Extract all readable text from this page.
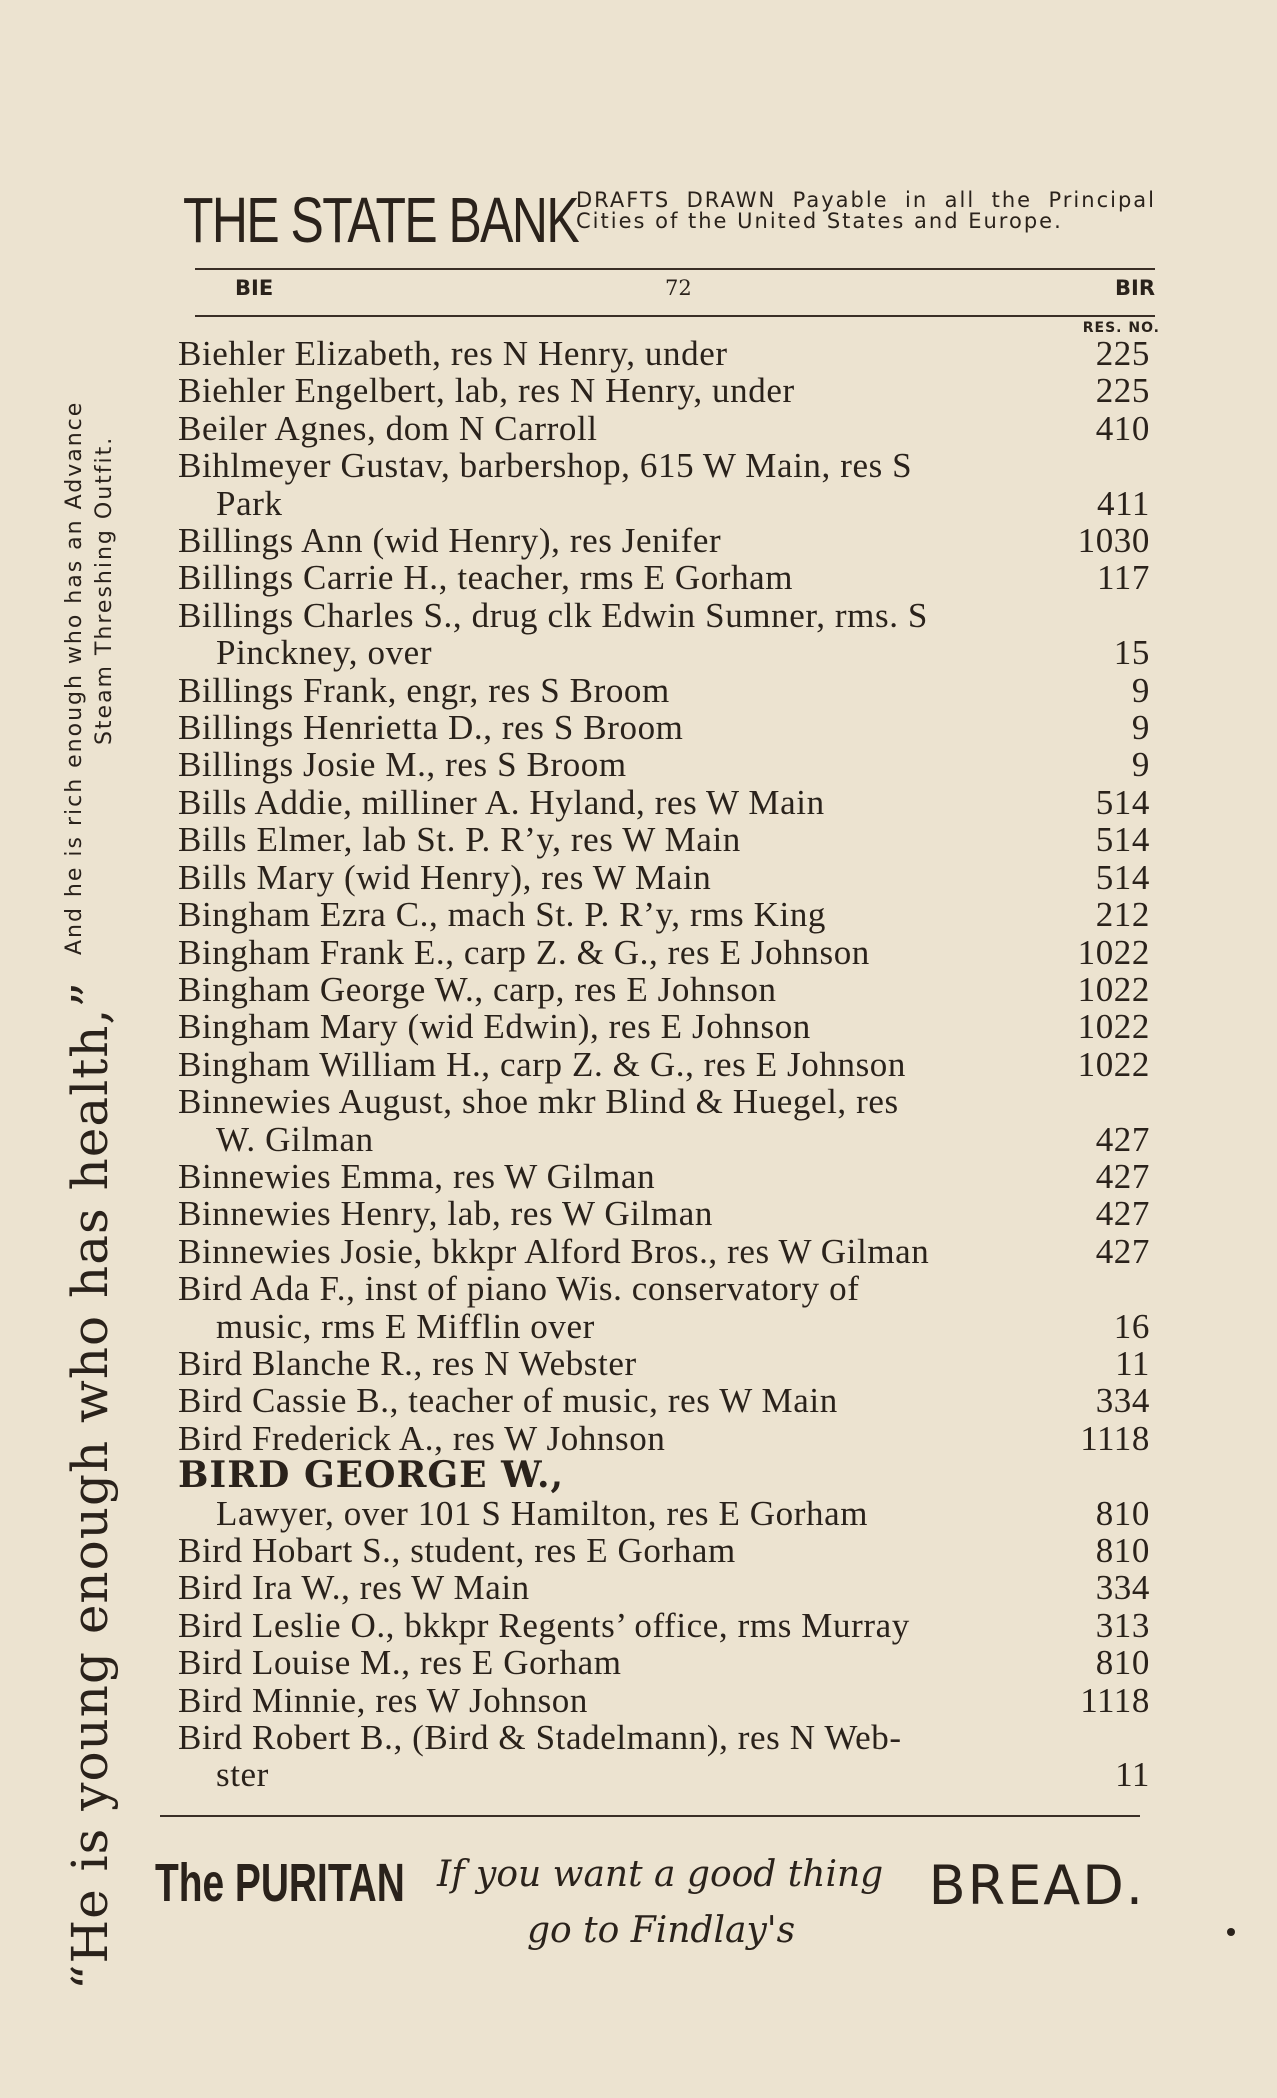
“He is young enough who has health,”
And he is rich enough who has an Advance Steam Threshing Outfit.
THE STATE BANK
DRAFTS DRAWN Payable in all the Principal Cities of the United States and Europe.
BIE	72	BIR
RES. NO.
Biehler Elizabeth, res N Henry, under	225
Biehler Engelbert, lab, res N Henry, under	225
Beiler Agnes, dom N Carroll	410
Bihlmeyer Gustav, barbershop, 615 W Main, res S
Park	411
Billings Ann (wid Henry), res Jenifer	1030
Billings Carrie H., teacher, rms E Gorham	117
Billings Charles S., drug clk Edwin Sumner, rms. S
Pinckney, over	15
Billings Frank, engr, res S Broom	9
Billings Henrietta D., res S Broom	9
Billings Josie M., res S Broom	9
Bills Addie, milliner A. Hyland, res W Main	514
Bills Elmer, lab St. P. R’y, res W Main	514
Bills Mary (wid Henry), res W Main	514
Bingham Ezra C., mach St. P. R’y, rms King	212
Bingham Frank E., carp Z. & G., res E Johnson	1022
Bingham George W., carp, res E Johnson	1022
Bingham Mary (wid Edwin), res E Johnson	1022
Bingham William H., carp Z. & G., res E Johnson	1022
Binnewies August, shoe mkr Blind & Huegel, res
W. Gilman	427
Binnewies Emma, res W Gilman	427
Binnewies Henry, lab, res W Gilman	427
Binnewies Josie, bkkpr Alford Bros., res W Gilman	427
Bird Ada F., inst of piano Wis. conservatory of
music, rms E Mifflin over	16
Bird Blanche R., res N Webster	11
Bird Cassie B., teacher of music, res W Main	334
Bird Frederick A., res W Johnson	1118
BIRD GEORGE W.,
Lawyer, over 101 S Hamilton, res E Gorham	810
Bird Hobart S., student, res E Gorham	810
Bird Ira W., res W Main	334
Bird Leslie O., bkkpr Regents’ office, rms Murray	313
Bird Louise M., res E Gorham	810
Bird Minnie, res W Johnson	1118
Bird Robert B., (Bird & Stadelmann), res N Web-
ster	11
The PURITAN If you want a good thing
go to Findlay's
BREAD.
